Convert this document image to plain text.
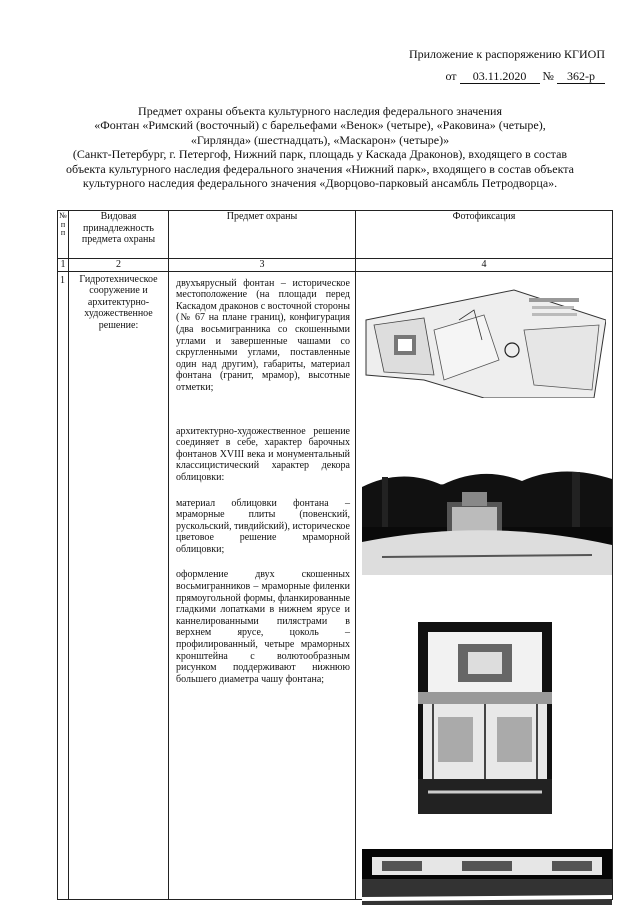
Приложение к распоряжению КГИОП
от 03.11.2020 № 362-р
Предмет охраны объекта культурного наследия федерального значения
«Фонтан «Римский (восточный) с барельефами «Венок» (четыре), «Раковина» (четыре),
«Гирлянда» (шестнадцать), «Маскарон» (четыре)»
(Санкт-Петербург, г. Петергоф, Нижний парк, площадь у Каскада Драконов), входящего в состав
объекта культурного наследия федерального значения «Нижний парк», входящего в состав объекта
культурного наследия федерального значения «Дворцово-парковый ансамбль Петродворца».
№ п п	Видовая принадлежность предмета охраны	Предмет охраны	Фотофиксация
1	2	3	4
1	Гидротехническое сооружение и архитектурно-художественное решение:	двухъярусный фонтан – историческое местоположение (на площади перед Каскадом драконов с восточной стороны (№ 67 на плане границ), конфигурация (два восьмигранника со скошенными углами и завершенные чашами со скругленными углами, поставленные один над другим), габариты, материал фонтана (гранит, мрамор), высотные отметки;

архитектурно-художественное решение соединяет в себе, характер барочных фонтанов XVIII века и монументальный классицистический характер декора облицовки:

материал облицовки фонтана – мраморные плиты (повенский, рускольский, тивдийский), историческое цветовое решение мраморной облицовки;

оформление двух скошенных восьмигранников – мраморные филенки прямоугольной формы, фланкированные гладкими лопатками в нижнем ярусе и каннелированными пилястрами в верхнем ярусе, цоколь – профилированный, четыре мраморных кронштейна с волютообразным рисунком поддерживают нижнюю большего диаметра чашу фонтана;
